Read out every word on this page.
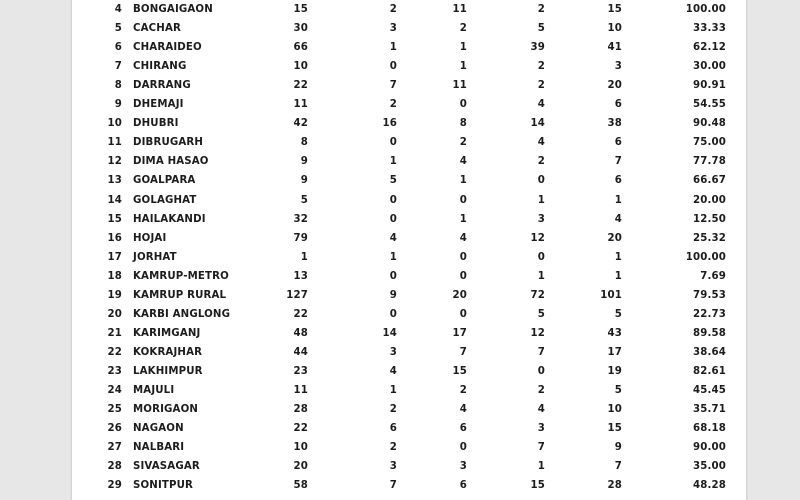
4 BONGAIGAON	15	2	11	2	15	100.00
5 CACHAR	30	3	2	5	10	33.33
6 CHARAIDEO	66	1	1	39	41	62.12
7 CHIRANG	10	0	1	2	3	30.00
8 DARRANG	22	7	11	2	20	90.91
9 DHEMAJI	11	2	0	4	6	54.55
10 DHUBRI	42	16	8	14	38	90.48
11 DIBRUGARH	8	0	2	4	6	75.00
12 DIMA HASAO	9	1	4	2	7	77.78
13 GOALPARA	9	5	1	0	6	66.67
14 GOLAGHAT	5	0	0	1	1	20.00
15 HAILAKANDI	32	0	1	3	4	12.50
16 HOJAI	79	4	4	12	20	25.32
17 JORHAT	1	1	0	0	1	100.00
18 KAMRUP-METRO	13	0	0	1	1	7.69
19 KAMRUP RURAL	127	9	20	72	101	79.53
20 KARBI ANGLONG	22	0	0	5	5	22.73
21 KARIMGANJ	48	14	17	12	43	89.58
22 KOKRAJHAR	44	3	7	7	17	38.64
23 LAKHIMPUR	23	4	15	0	19	82.61
24 MAJULI	11	1	2	2	5	45.45
25 MORIGAON	28	2	4	4	10	35.71
26 NAGAON	22	6	6	3	15	68.18
27 NALBARI	10	2	0	7	9	90.00
28 SIVASAGAR	20	3	3	1	7	35.00
29 SONITPUR	58	7	6	15	28	48.28
